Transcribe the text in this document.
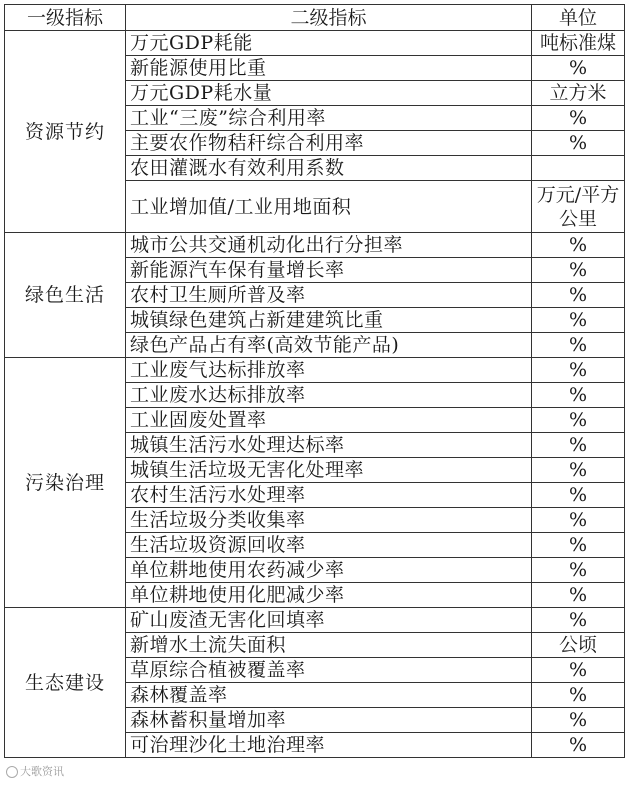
一级指标	二级指标	单位
资源节约	万元GDP耗能	吨标准煤
	新能源使用比重	%
	万元GDP耗水量	立方米
	工业“三废”综合利用率	%
	主要农作物秸秆综合利用率	%
	农田灌溉水有效利用系数	
	工业增加值/工业用地面积	万元/平方公里
绿色生活	城市公共交通机动化出行分担率	%
	新能源汽车保有量增长率	%
	农村卫生厕所普及率	%
	城镇绿色建筑占新建建筑比重	%
	绿色产品占有率(高效节能产品)	%
污染治理	工业废气达标排放率	%
	工业废水达标排放率	%
	工业固废处置率	%
	城镇生活污水处理达标率	%
	城镇生活垃圾无害化处理率	%
	农村生活污水处理率	%
	生活垃圾分类收集率	%
	生活垃圾资源回收率	%
	单位耕地使用农药减少率	%
	单位耕地使用化肥减少率	%
生态建设	矿山废渣无害化回填率	%
	新增水土流失面积	公顷
	草原综合植被覆盖率	%
	森林覆盖率	%
	森林蓄积量增加率	%
	可治理沙化土地治理率	%
大歌资讯
